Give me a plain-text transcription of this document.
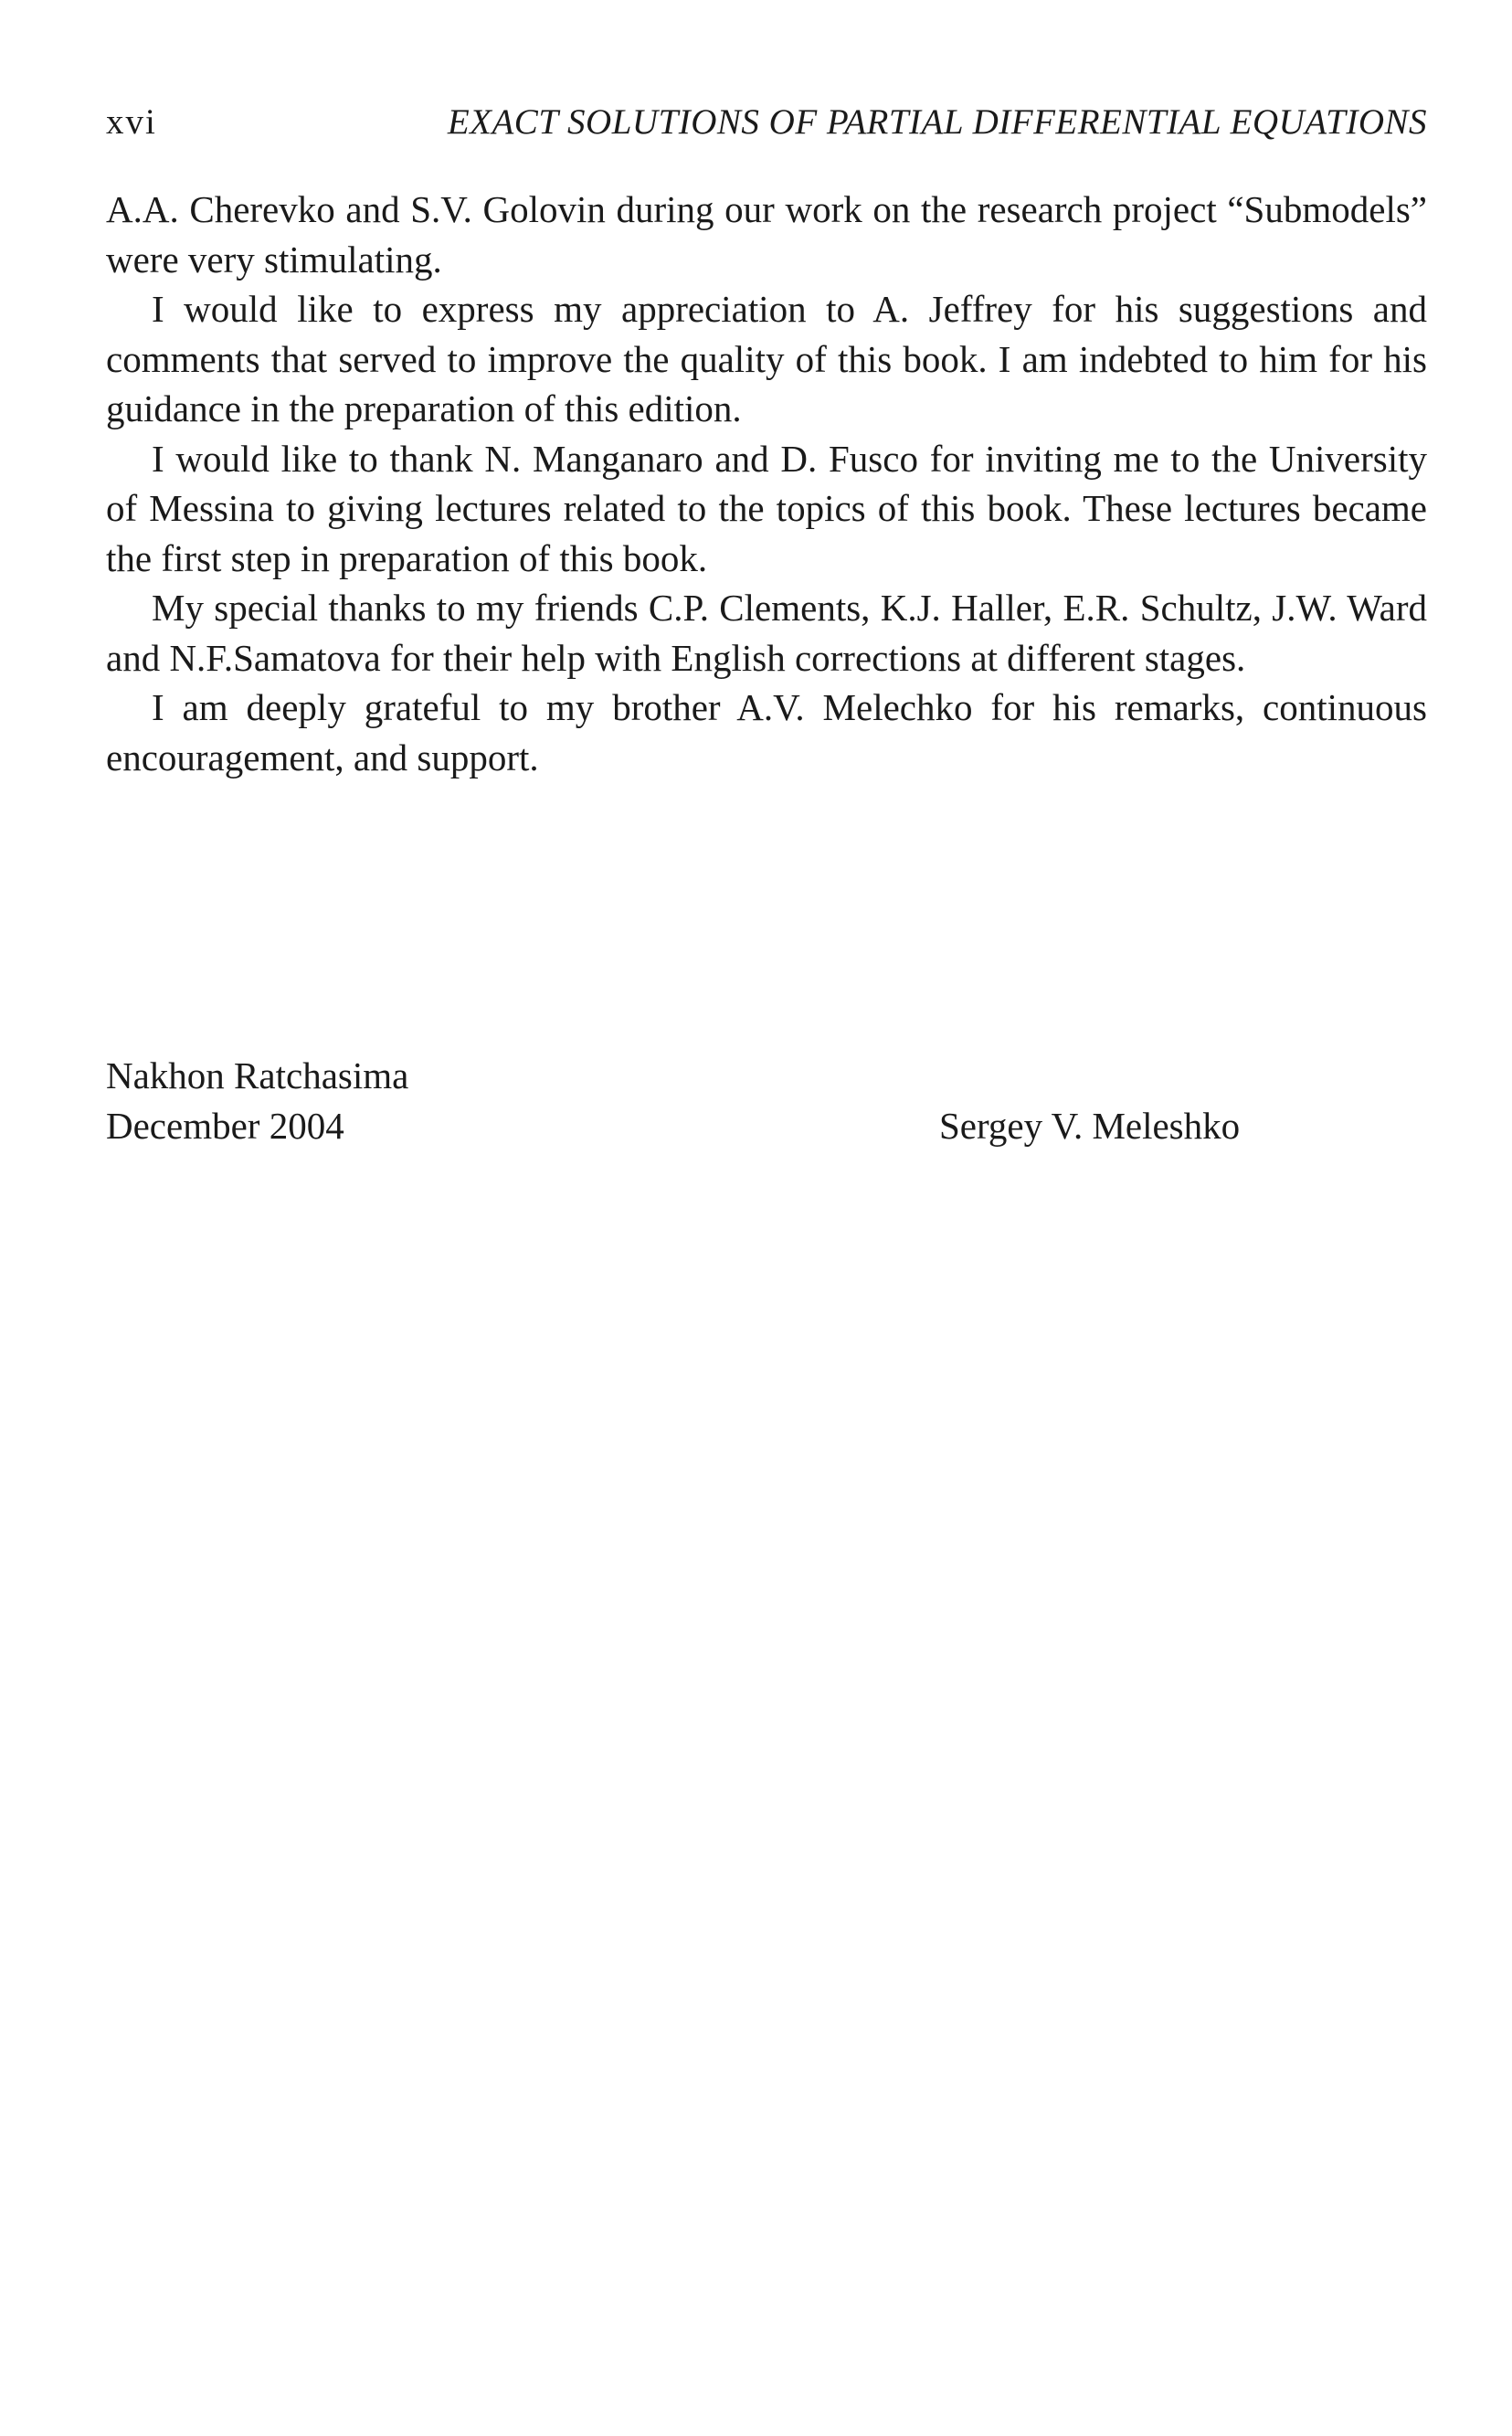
xvi	EXACT SOLUTIONS OF PARTIAL DIFFERENTIAL EQUATIONS

A.A. Cherevko and S.V. Golovin during our work on the research project “Submodels” were very stimulating.

I would like to express my appreciation to A. Jeffrey for his suggestions and comments that served to improve the quality of this book. I am indebted to him for his guidance in the preparation of this edition.

I would like to thank N. Manganaro and D. Fusco for inviting me to the University of Messina to giving lectures related to the topics of this book. These lectures became the first step in preparation of this book.

My special thanks to my friends C.P. Clements, K.J. Haller, E.R. Schultz, J.W. Ward and N.F.Samatova for their help with English corrections at different stages.

I am deeply grateful to my brother A.V. Melechko for his remarks, continuous encouragement, and support.

Nakhon Ratchasima
December 2004	Sergey V. Meleshko
